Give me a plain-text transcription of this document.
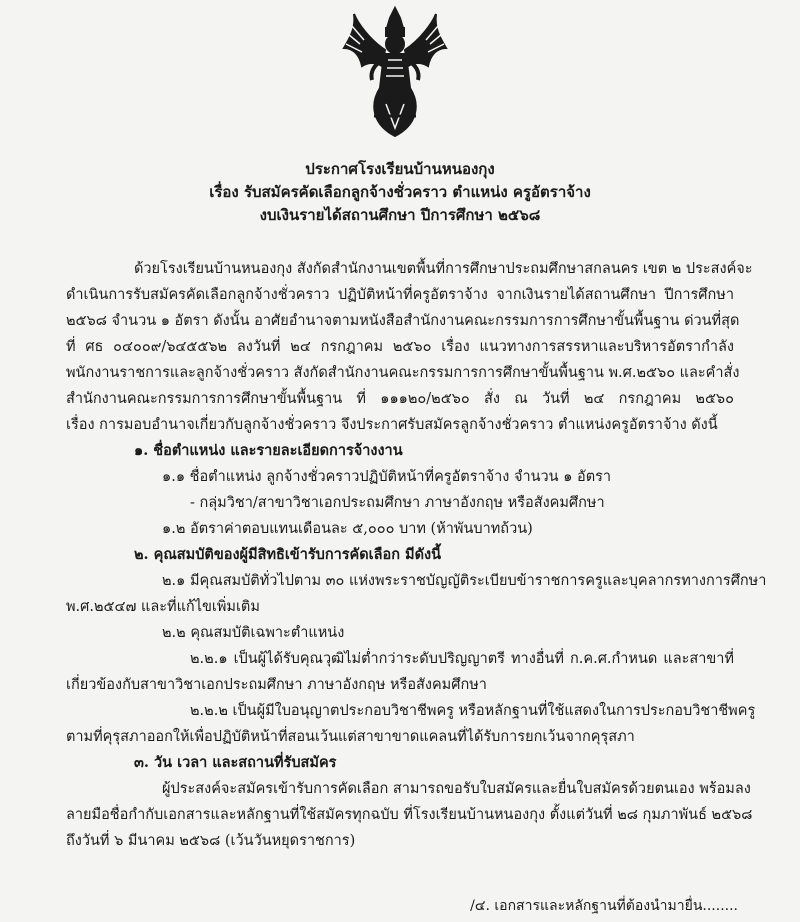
ประกาศโรงเรียนบ้านหนองกุง
เรื่อง รับสมัครคัดเลือกลูกจ้างชั่วคราว ตำแหน่ง ครูอัตราจ้าง
งบเงินรายได้สถานศึกษา ปีการศึกษา ๒๕๖๘
ด้วยโรงเรียนบ้านหนองกุง สังกัดสำนักงานเขตพื้นที่การศึกษาประถมศึกษาสกลนคร เขต ๒ ประสงค์จะ
ดำเนินการรับสมัครคัดเลือกลูกจ้างชั่วคราว ปฏิบัติหน้าที่ครูอัตราจ้าง จากเงินรายได้สถานศึกษา ปีการศึกษา
๒๕๖๘ จำนวน ๑ อัตรา ดังนั้น อาศัยอำนาจตามหนังสือสำนักงานคณะกรรมการการศึกษาขั้นพื้นฐาน ด่วนที่สุด
ที่ ศธ ๐๔๐๐๙/๖๔๕๕๖๒ ลงวันที่ ๒๔ กรกฎาคม ๒๕๖๐ เรื่อง แนวทางการสรรหาและบริหารอัตรากำลัง
พนักงานราชการและลูกจ้างชั่วคราว สังกัดสำนักงานคณะกรรมการการศึกษาขั้นพื้นฐาน พ.ศ.๒๕๖๐ และคำสั่ง
สำนักงานคณะกรรมการการศึกษาขั้นพื้นฐาน ที่ ๑๑๑๒๐/๒๕๖๐ สั่ง ณ วันที่ ๒๔ กรกฎาคม ๒๕๖๐
เรื่อง การมอบอำนาจเกี่ยวกับลูกจ้างชั่วคราว จึงประกาศรับสมัครลูกจ้างชั่วคราว ตำแหน่งครูอัตราจ้าง ดังนี้
๑. ชื่อตำแหน่ง และรายละเอียดการจ้างงาน
๑.๑ ชื่อตำแหน่ง ลูกจ้างชั่วคราวปฏิบัติหน้าที่ครูอัตราจ้าง จำนวน ๑ อัตรา
- กลุ่มวิชา/สาขาวิชาเอกประถมศึกษา ภาษาอังกฤษ หรือสังคมศึกษา
๑.๒ อัตราค่าตอบแทนเดือนละ ๕,๐๐๐ บาท (ห้าพันบาทถ้วน)
๒. คุณสมบัติของผู้มีสิทธิเข้ารับการคัดเลือก มีดังนี้
๒.๑ มีคุณสมบัติทั่วไปตาม ๓๐ แห่งพระราชบัญญัติระเบียบข้าราชการครูและบุคลากรทางการศึกษา
พ.ศ.๒๕๔๗ และที่แก้ไขเพิ่มเติม
๒.๒ คุณสมบัติเฉพาะตำแหน่ง
๒.๒.๑ เป็นผู้ได้รับคุณวุฒิไม่ต่ำกว่าระดับปริญญาตรี ทางอื่นที่ ก.ค.ศ.กำหนด และสาขาที่
เกี่ยวข้องกับสาขาวิชาเอกประถมศึกษา ภาษาอังกฤษ หรือสังคมศึกษา
๒.๒.๒ เป็นผู้มีใบอนุญาตประกอบวิชาชีพครู หรือหลักฐานที่ใช้แสดงในการประกอบวิชาชีพครู
ตามที่คุรุสภาออกให้เพื่อปฏิบัติหน้าที่สอนเว้นแต่สาขาขาดแคลนที่ได้รับการยกเว้นจากคุรุสภา
๓. วัน เวลา และสถานที่รับสมัคร
ผู้ประสงค์จะสมัครเข้ารับการคัดเลือก สามารถขอรับใบสมัครและยื่นใบสมัครด้วยตนเอง พร้อมลง
ลายมือชื่อกำกับเอกสารและหลักฐานที่ใช้สมัครทุกฉบับ ที่โรงเรียนบ้านหนองกุง ตั้งแต่วันที่ ๒๘ กุมภาพันธ์ ๒๕๖๘
ถึงวันที่ ๖ มีนาคม ๒๕๖๘ (เว้นวันหยุดราชการ)
/๔. เอกสารและหลักฐานที่ต้องนำมายื่น........
